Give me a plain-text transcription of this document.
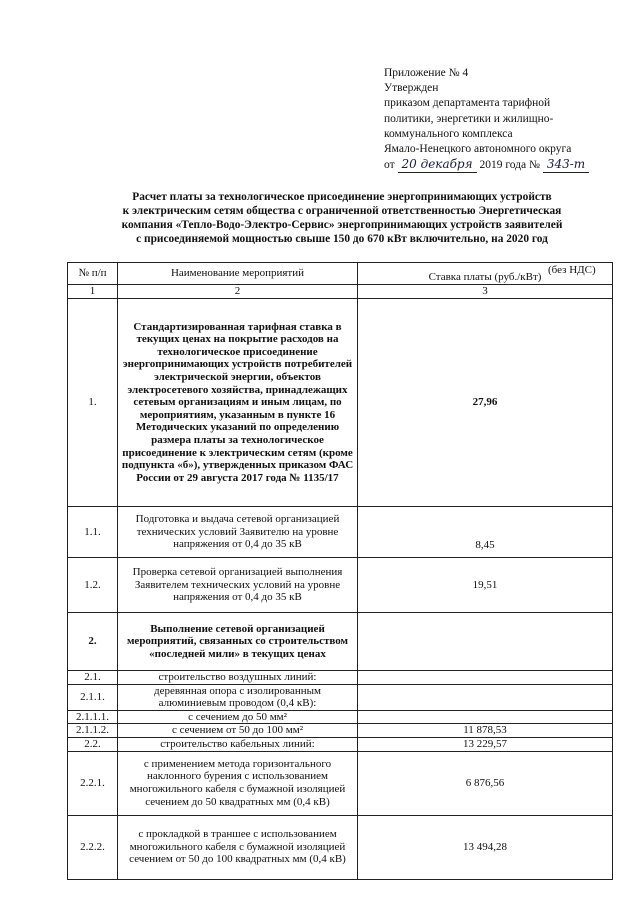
Приложение № 4
Утвержден
приказом департамента тарифной
политики, энергетики и жилищно-
коммунального комплекса
Ямало-Ненецкого автономного округа
от 20 декабря 2019 года № 343-т
Расчет платы за технологическое присоединение энергопринимающих устройств
к электрическим сетям общества с ограниченной ответственностью Энергетическая
компания «Тепло-Водо-Электро-Сервис» энергопринимающих устройств заявителей
с присоединяемой мощностью свыше 150 до 670 кВт включительно, на 2020 год
(без НДС)
№ п/п	Наименование мероприятий	Ставка платы (руб./кВт)
1	2	3
1.	Стандартизированная тарифная ставка в текущих ценах на покрытие расходов на технологическое присоединение энергопринимающих устройств потребителей электрической энергии, объектов электросетевого хозяйства, принадлежащих сетевым организациям и иным лицам, по мероприятиям, указанным в пункте 16 Методических указаний по определению размера платы за технологическое присоединение к электрическим сетям (кроме подпункта «б»), утвержденных приказом ФАС России от 29 августа 2017 года № 1135/17	27,96
1.1.	Подготовка и выдача сетевой организацией технических условий Заявителю на уровне напряжения от 0,4 до 35 кВ	8,45
1.2.	Проверка сетевой организацией выполнения Заявителем технических условий на уровне напряжения от 0,4 до 35 кВ	19,51
2.	Выполнение сетевой организацией мероприятий, связанных со строительством «последней мили» в текущих ценах	
2.1.	строительство воздушных линий:	
2.1.1.	деревянная опора с изолированным алюминиевым проводом (0,4 кВ):	
2.1.1.1.	с сечением до 50 мм²	
2.1.1.2.	с сечением от 50 до 100 мм²	11 878,53
2.2.	строительство кабельных линий:	13 229,57
2.2.1.	с применением метода горизонтального наклонного бурения с использованием многожильного кабеля с бумажной изоляцией сечением до 50 квадратных мм (0,4 кВ)	6 876,56
2.2.2.	с прокладкой в траншее с использованием многожильного кабеля с бумажной изоляцией сечением от 50 до 100 квадратных мм (0,4 кВ)	13 494,28
